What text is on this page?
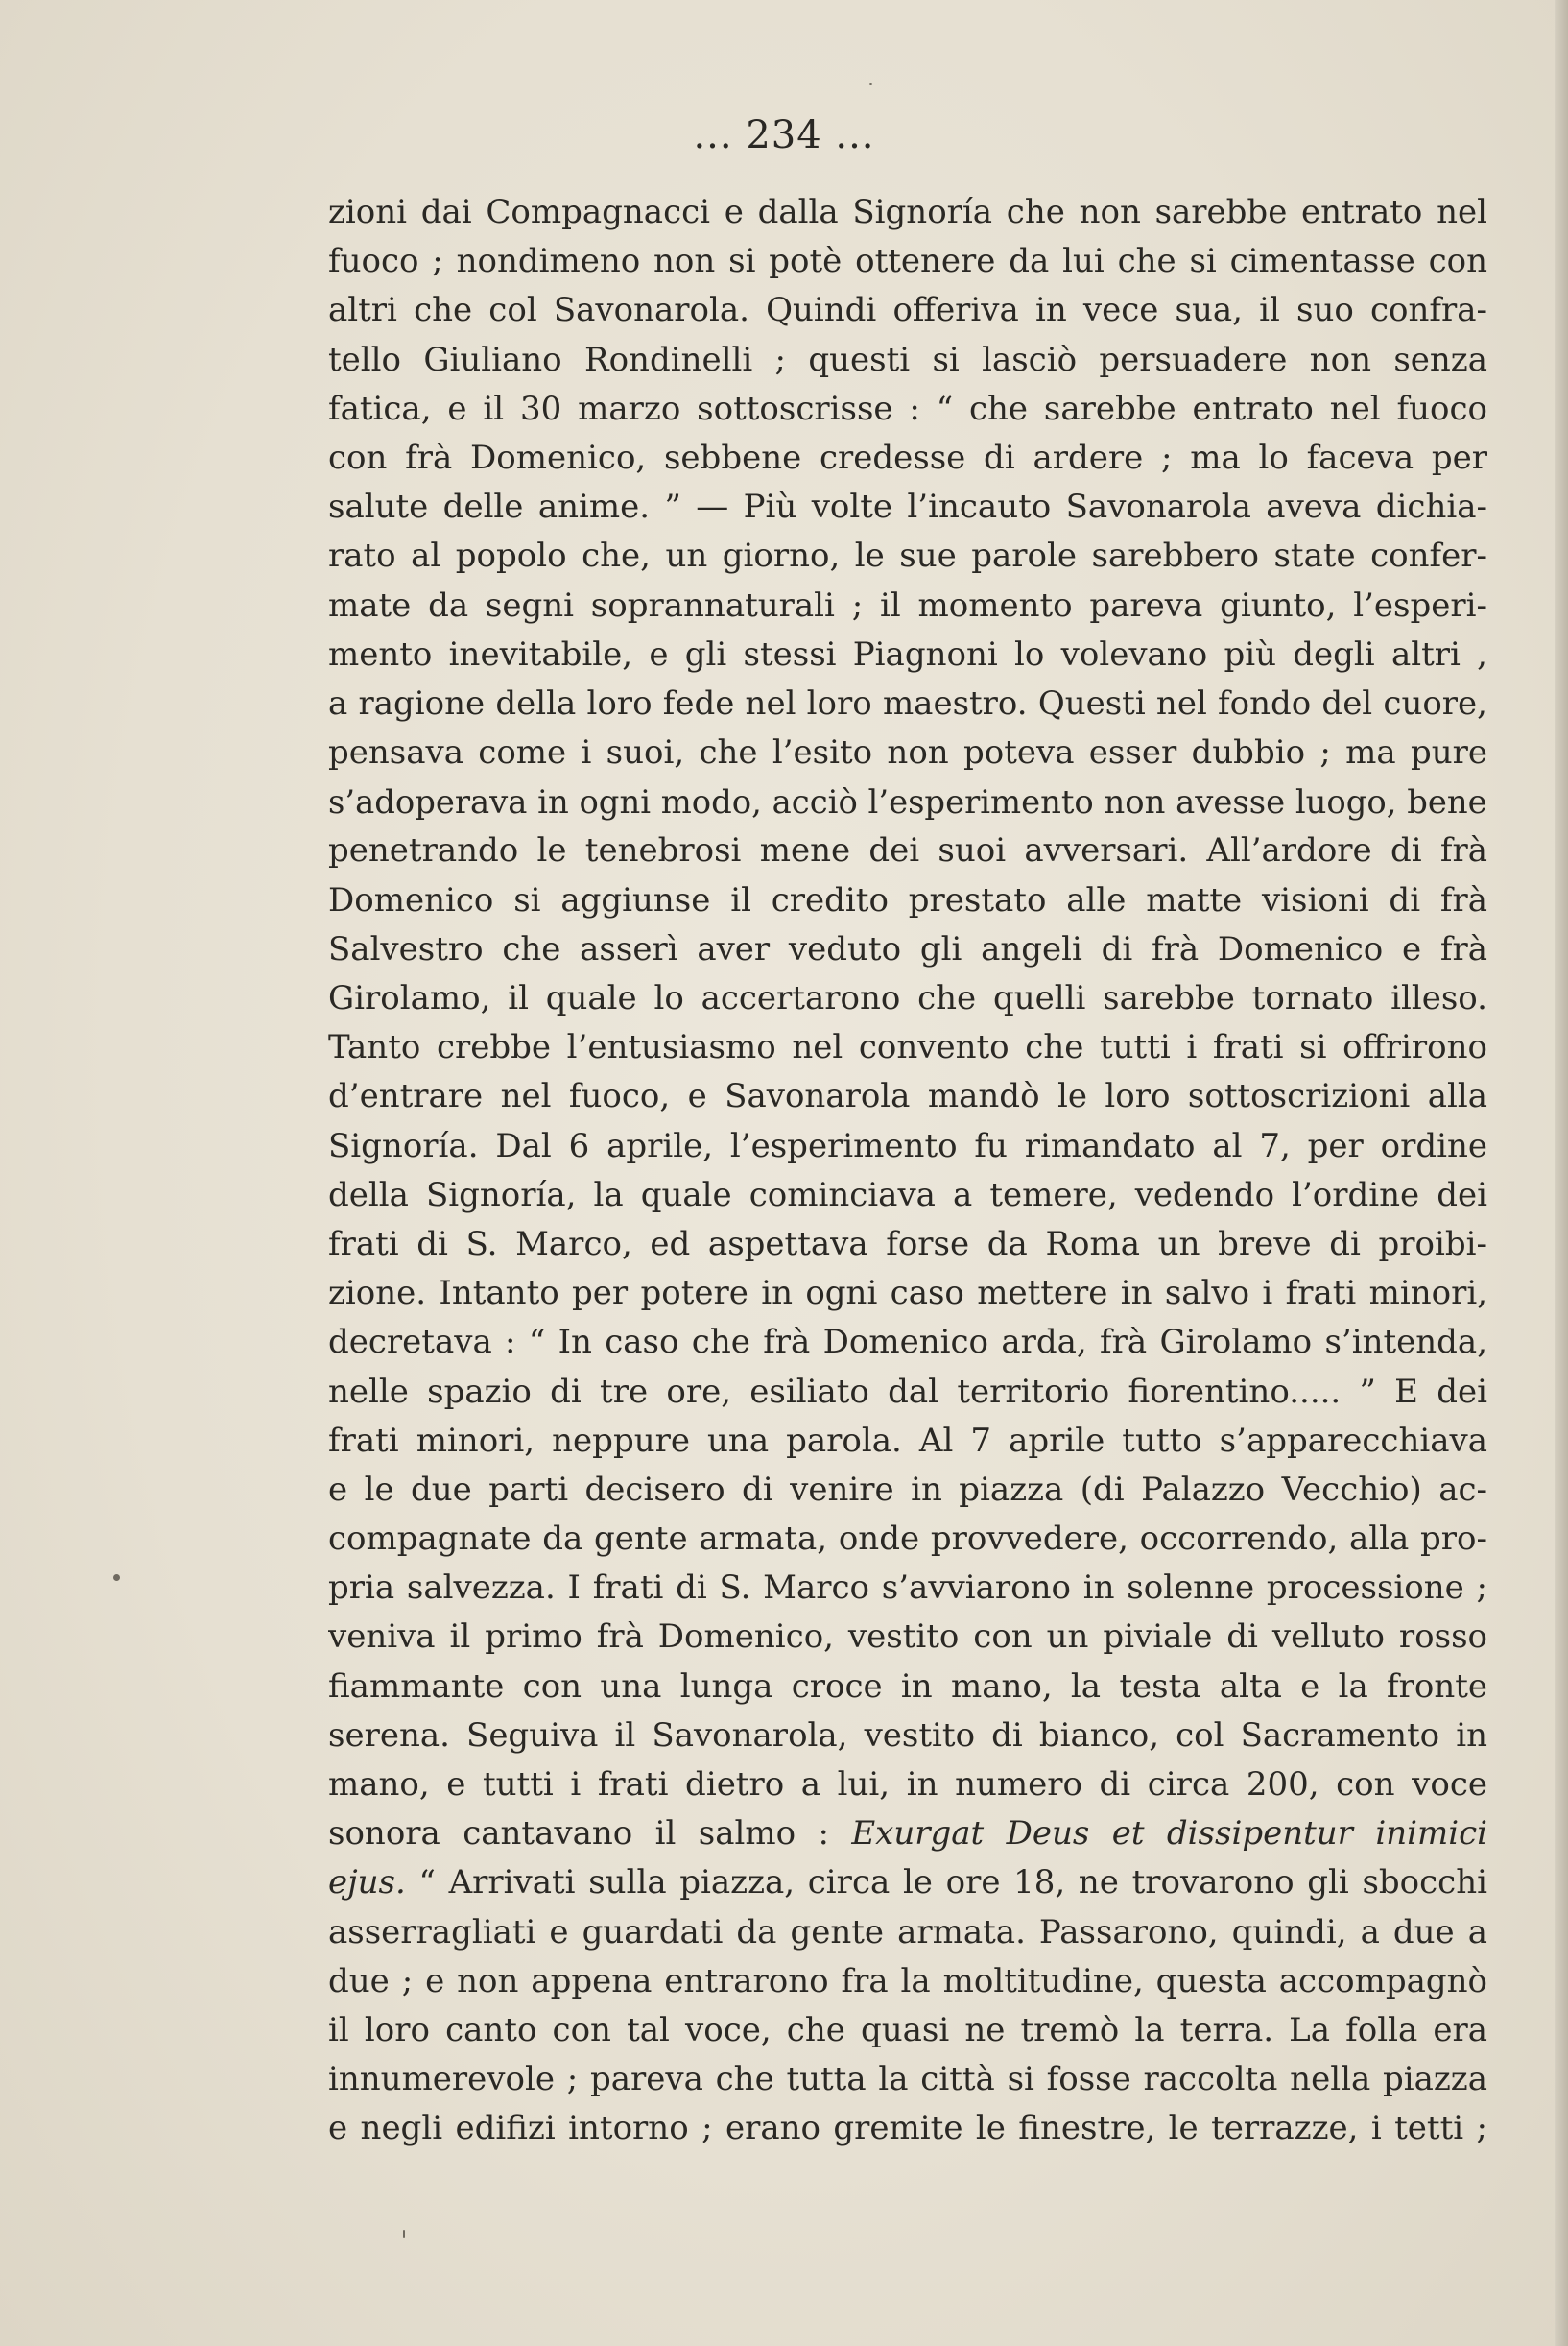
... 234 ...
zioni dai Compagnacci e dalla Signoría che non sarebbe entrato nel
fuoco ; nondimeno non si potè ottenere da lui che si cimentasse con
altri che col Savonarola. Quindi offeriva in vece sua, il suo confra-
tello Giuliano Rondinelli ; questi si lasciò persuadere non senza
fatica, e il 30 marzo sottoscrisse : “ che sarebbe entrato nel fuoco
con frà Domenico, sebbene credesse di ardere ; ma lo faceva per
salute delle anime. ” — Più volte l’incauto Savonarola aveva dichia-
rato al popolo che, un giorno, le sue parole sarebbero state confer-
mate da segni soprannaturali ; il momento pareva giunto, l’esperi-
mento inevitabile, e gli stessi Piagnoni lo volevano più degli altri ,
a ragione della loro fede nel loro maestro. Questi nel fondo del cuore,
pensava come i suoi, che l’esito non poteva esser dubbio ; ma pure
s’adoperava in ogni modo, acciò l’esperimento non avesse luogo, bene
penetrando le tenebrosi mene dei suoi avversari. All’ardore di frà
Domenico si aggiunse il credito prestato alle matte visioni di frà
Salvestro che asserì aver veduto gli angeli di frà Domenico e frà
Girolamo, il quale lo accertarono che quelli sarebbe tornato illeso.
Tanto crebbe l’entusiasmo nel convento che tutti i frati si offrirono
d’entrare nel fuoco, e Savonarola mandò le loro sottoscrizioni alla
Signoría. Dal 6 aprile, l’esperimento fu rimandato al 7, per ordine
della Signoría, la quale cominciava a temere, vedendo l’ordine dei
frati di S. Marco, ed aspettava forse da Roma un breve di proibi-
zione. Intanto per potere in ogni caso mettere in salvo i frati minori,
decretava : “ In caso che frà Domenico arda, frà Girolamo s’intenda,
nelle spazio di tre ore, esiliato dal territorio fiorentino..... ” E dei
frati minori, neppure una parola. Al 7 aprile tutto s’apparecchiava
e le due parti decisero di venire in piazza (di Palazzo Vecchio) ac-
compagnate da gente armata, onde provvedere, occorrendo, alla pro-
pria salvezza. I frati di S. Marco s’avviarono in solenne processione ;
veniva il primo frà Domenico, vestito con un piviale di velluto rosso
fiammante con una lunga croce in mano, la testa alta e la fronte
serena. Seguiva il Savonarola, vestito di bianco, col Sacramento in
mano, e tutti i frati dietro a lui, in numero di circa 200, con voce
sonora cantavano il salmo : Exurgat Deus et dissipentur inimici
ejus. “ Arrivati sulla piazza, circa le ore 18, ne trovarono gli sbocchi
asserragliati e guardati da gente armata. Passarono, quindi, a due a
due ; e non appena entrarono fra la moltitudine, questa accompagnò
il loro canto con tal voce, che quasi ne tremò la terra. La folla era
innumerevole ; pareva che tutta la città si fosse raccolta nella piazza
e negli edifizi intorno ; erano gremite le finestre, le terrazze, i tetti ;
